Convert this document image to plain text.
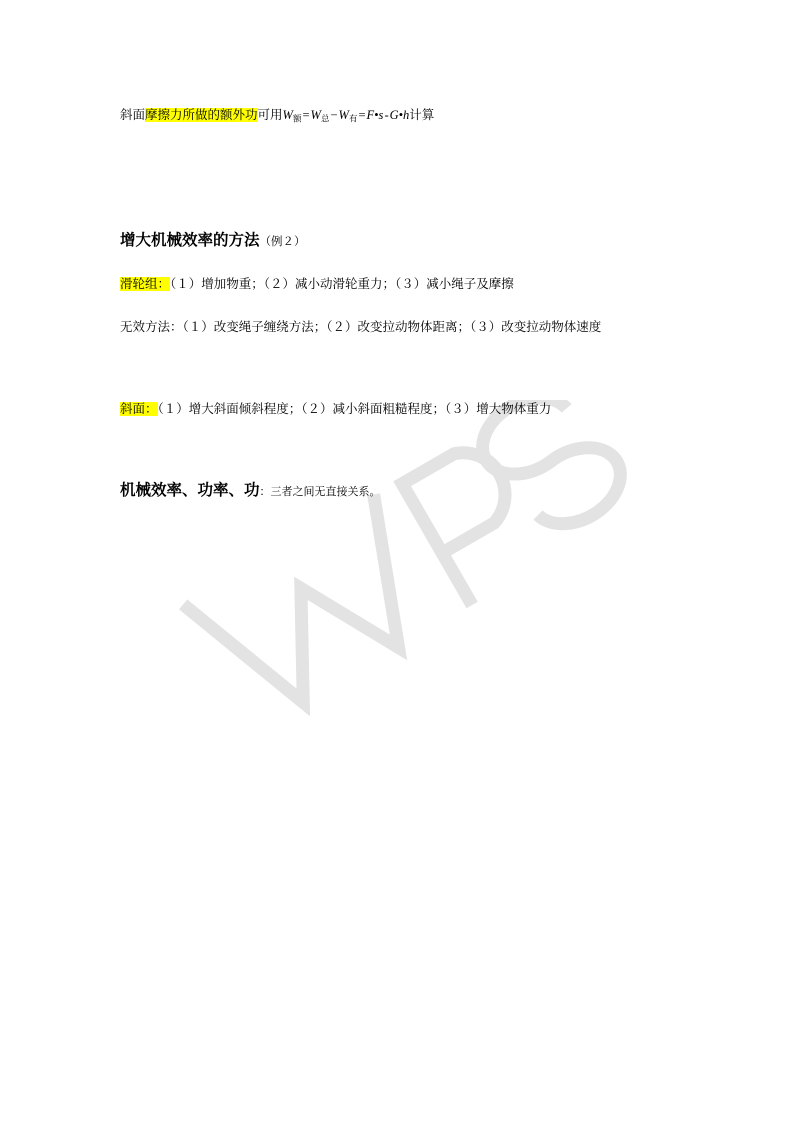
斜面摩擦力所做的额外功可用$W_额=W_总-W_有=F•s-G•h$计算
增大机械效率的方法（例２）
滑轮组：（１）增加物重；（２）减小动滑轮重力；（３）减小绳子及摩擦
无效方法：（１）改变绳子缠绕方法；（２）改变拉动物体距离；（３）改变拉动物体速度
斜面：（１）增大斜面倾斜程度；（２）减小斜面粗糙程度；（３）增大物体重力
机械效率、功率、功：三者之间无直接关系。
